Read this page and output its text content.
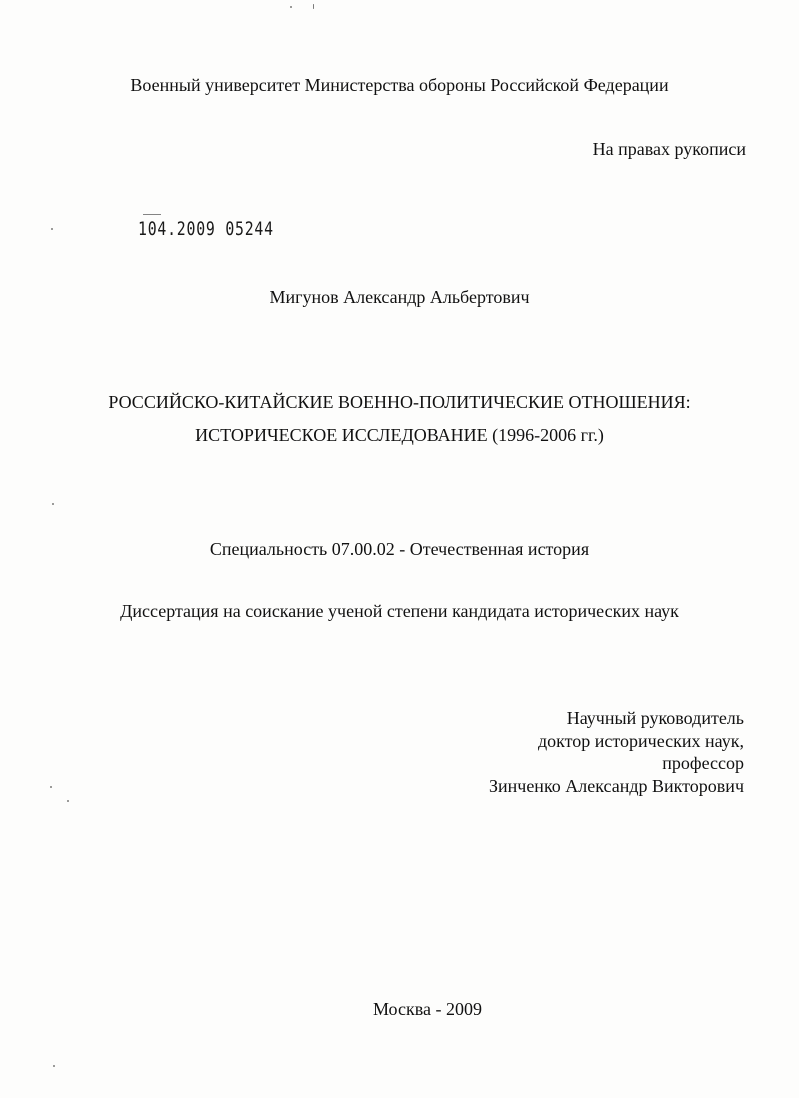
Военный университет Министерства обороны Российской Федерации
На правах рукописи
104.2009 05244
Мигунов Александр Альбертович
РОССИЙСКО-КИТАЙСКИЕ ВОЕННО-ПОЛИТИЧЕСКИЕ ОТНОШЕНИЯ:
ИСТОРИЧЕСКОЕ ИССЛЕДОВАНИЕ (1996-2006 гг.)
Специальность 07.00.02 - Отечественная история
Диссертация на соискание ученой степени кандидата исторических наук
Научный руководитель
доктор исторических наук,
профессор
Зинченко Александр Викторович
Москва - 2009
